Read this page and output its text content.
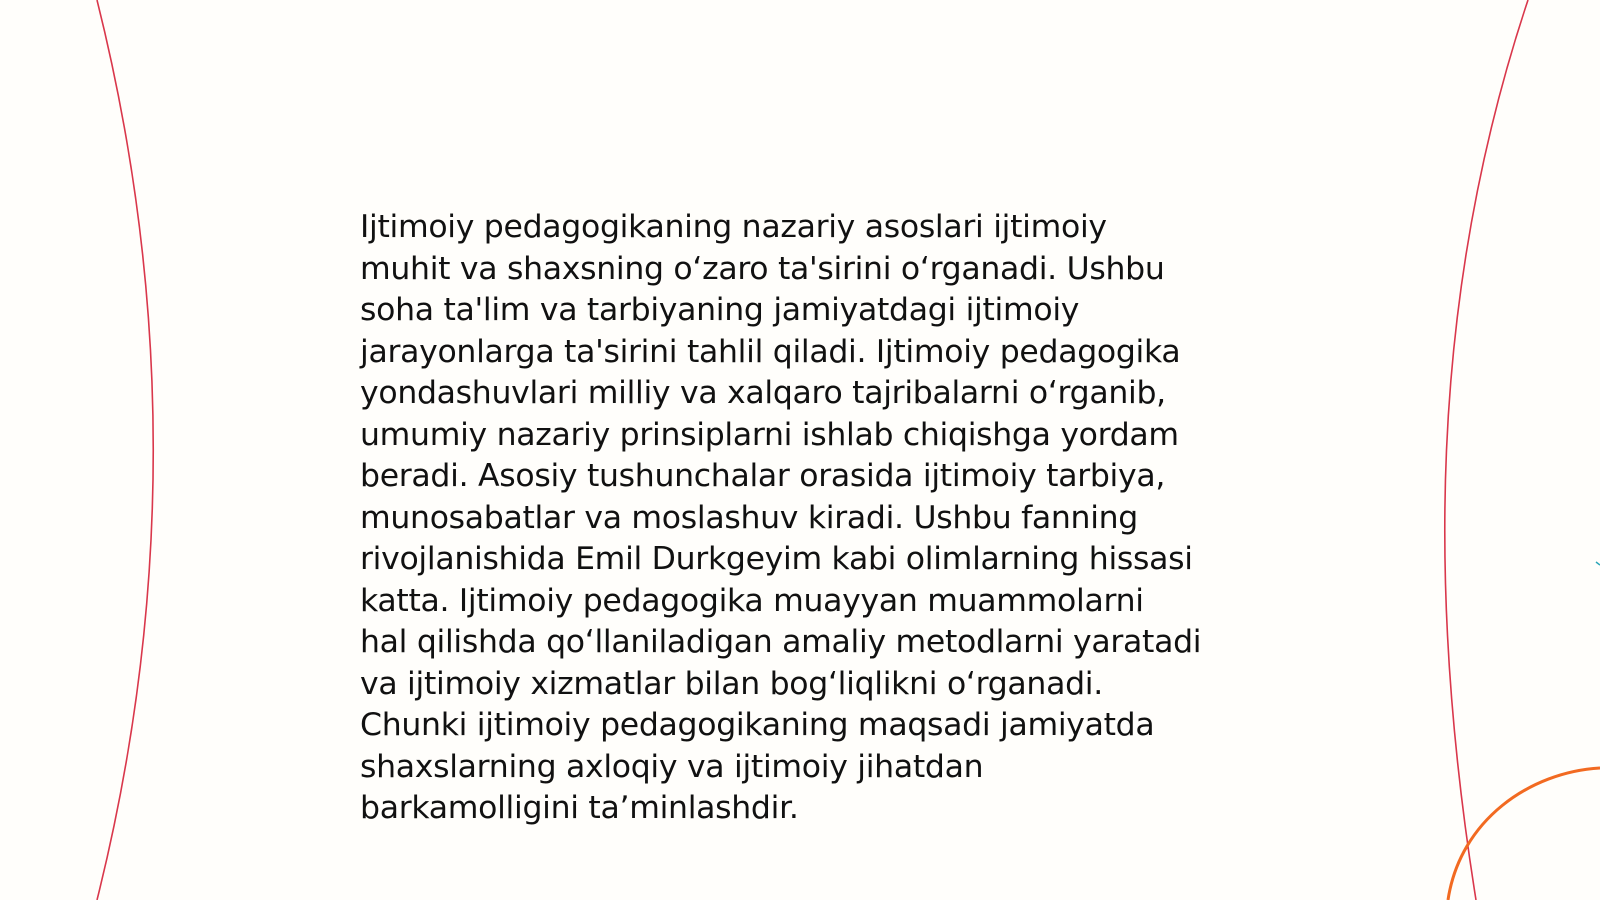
Ijtimoiy pedagogikaning nazariy asoslari ijtimoiy
muhit va shaxsning oʻzaro ta'sirini oʻrganadi. Ushbu
soha ta'lim va tarbiyaning jamiyatdagi ijtimoiy
jarayonlarga ta'sirini tahlil qiladi. Ijtimoiy pedagogika
yondashuvlari milliy va xalqaro tajribalarni oʻrganib,
umumiy nazariy prinsiplarni ishlab chiqishga yordam
beradi. Asosiy tushunchalar orasida ijtimoiy tarbiya,
munosabatlar va moslashuv kiradi. Ushbu fanning
rivojlanishida Emil Durkgeyim kabi olimlarning hissasi
katta. Ijtimoiy pedagogika muayyan muammolarni
hal qilishda qoʻllaniladigan amaliy metodlarni yaratadi
va ijtimoiy xizmatlar bilan bogʻliqlikni oʻrganadi.
Chunki ijtimoiy pedagogikaning maqsadi jamiyatda
shaxslarning axloqiy va ijtimoiy jihatdan
barkamolligini taʼminlashdir.
